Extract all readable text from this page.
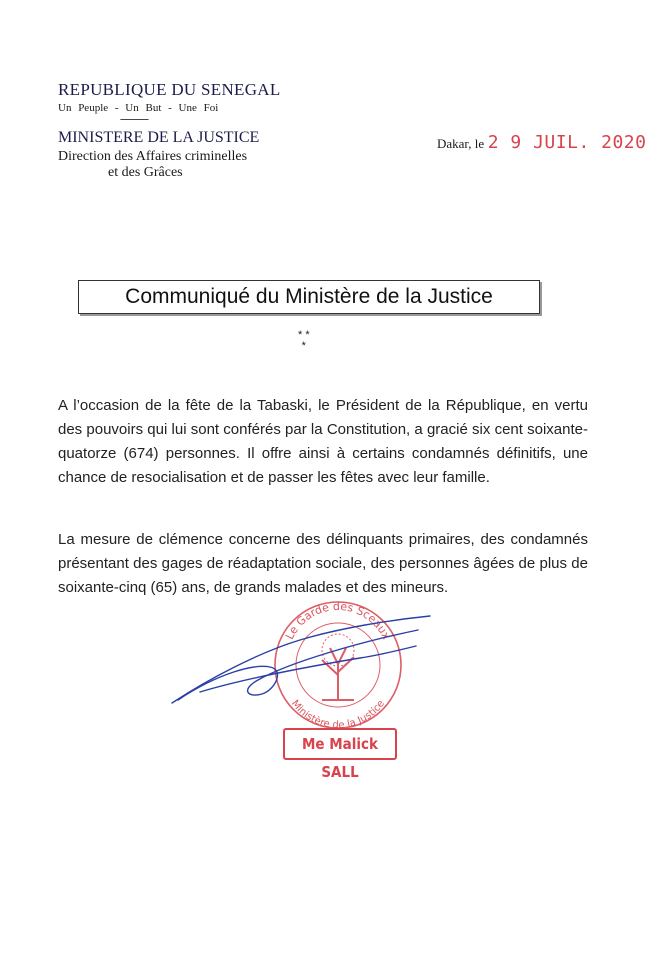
REPUBLIQUE DU SENEGAL
Un Peuple - Un But - Une Foi
------------
MINISTERE DE LA JUSTICE
Direction des Affaires criminelles
et des Grâces
Dakar, le 2 9 JUIL. 2020
Communiqué du Ministère de la Justice
* *
*
A l’occasion de la fête de la Tabaski, le Président de la République, en vertu des pouvoirs qui lui sont conférés par la Constitution, a gracié six cent soixante-quatorze (674) personnes. Il offre ainsi à certains condamnés définitifs, une chance de resocialisation et de passer les fêtes avec leur famille.
La mesure de clémence concerne des délinquants primaires, des condamnés présentant des gages de réadaptation sociale, des personnes âgées de plus de soixante-cinq (65) ans, de grands malades et des mineurs.
Le Garde des Sceaux
Ministère de la Justice
Me Malick SALL
